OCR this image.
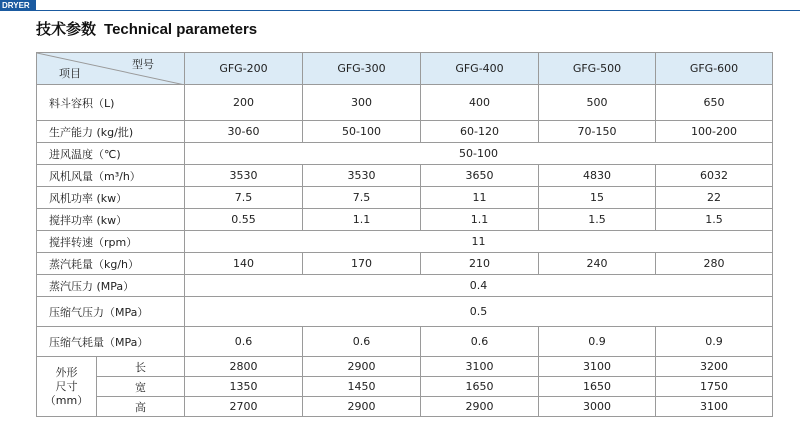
DRYER
技术参数 Technical parameters
型号
项目		GFG-200	GFG-300	GFG-400	GFG-500	GFG-600
料斗容积（L)		200	300	400	500	650
生产能力 (kg/批)		30-60	50-100	60-120	70-150	100-200
进风温度（℃)		50-100				
风机风量（m³/h）		3530	3530	3650	4830	6032
风机功率 (kw）		7.5	7.5	11	15	22
搅拌功率 (kw）		0.55	1.1	1.1	1.5	1.5
搅拌转速（rpm）		11				
蒸汽耗量（kg/h）		140	170	210	240	280
蒸汽压力 (MPa）		0.4				
压缩气压力（MPa）		0.5				
压缩气耗量（MPa）		0.6	0.6	0.6	0.9	0.9

外形
尺寸
（mm）	长	2800	2900	3100	3100	3200
	宽	1350	1450	1650	1650	1750
	高	2700	2900	2900	3000	3100
